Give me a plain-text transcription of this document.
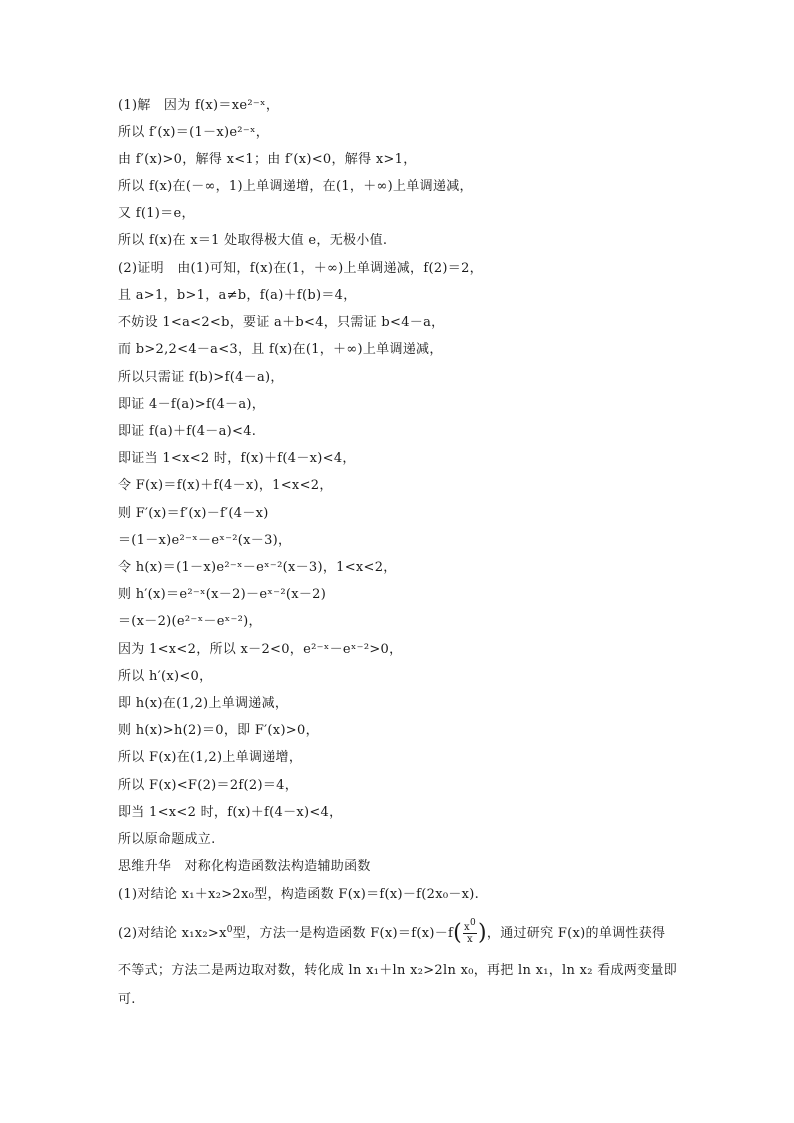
(1)解　因为 f(x)＝xe²⁻ˣ，
所以 f′(x)＝(1－x)e²⁻ˣ，
由 f′(x)>0，解得 x<1；由 f′(x)<0，解得 x>1，
所以 f(x)在(－∞，1)上单调递增，在(1，＋∞)上单调递减，
又 f(1)＝e，
所以 f(x)在 x＝1 处取得极大值 e，无极小值.
(2)证明　由(1)可知，f(x)在(1，＋∞)上单调递减，f(2)＝2，
且 a>1，b>1，a≠b，f(a)＋f(b)＝4，
不妨设 1<a<2<b，要证 a＋b<4，只需证 b<4－a，
而 b>2,2<4－a<3，且 f(x)在(1，＋∞)上单调递减，
所以只需证 f(b)>f(4－a)，
即证 4－f(a)>f(4－a)，
即证 f(a)＋f(4－a)<4.
即证当 1<x<2 时，f(x)＋f(4－x)<4，
令 F(x)＝f(x)＋f(4－x)，1<x<2，
则 F′(x)＝f′(x)－f′(4－x)
＝(1－x)e²⁻ˣ－eˣ⁻²(x－3)，
令 h(x)＝(1－x)e²⁻ˣ－eˣ⁻²(x－3)，1<x<2，
则 h′(x)＝e²⁻ˣ(x－2)－eˣ⁻²(x－2)
＝(x－2)(e²⁻ˣ－eˣ⁻²)，
因为 1<x<2，所以 x－2<0，e²⁻ˣ－eˣ⁻²>0，
所以 h′(x)<0，
即 h(x)在(1,2)上单调递减，
则 h(x)>h(2)＝0，即 F′(x)>0，
所以 F(x)在(1,2)上单调递增，
所以 F(x)<F(2)＝2f(2)＝4，
即当 1<x<2 时，f(x)＋f(4－x)<4，
所以原命题成立.
思维升华　对称化构造函数法构造辅助函数
(1)对结论 x₁＋x₂>2x₀型，构造函数 F(x)＝f(x)－f(2x₀－x).
(2)对结论 $x_1x_2>x^0$型，方法一是构造函数 $F(x)=f(x)-f( \frac{x^0}{x}$ )，通过研究 F(x)的单调性获得
不等式；方法二是两边取对数，转化成 ln x₁＋ln x₂>2ln x₀，再把 ln x₁，ln x₂ 看成两变量即
可.
